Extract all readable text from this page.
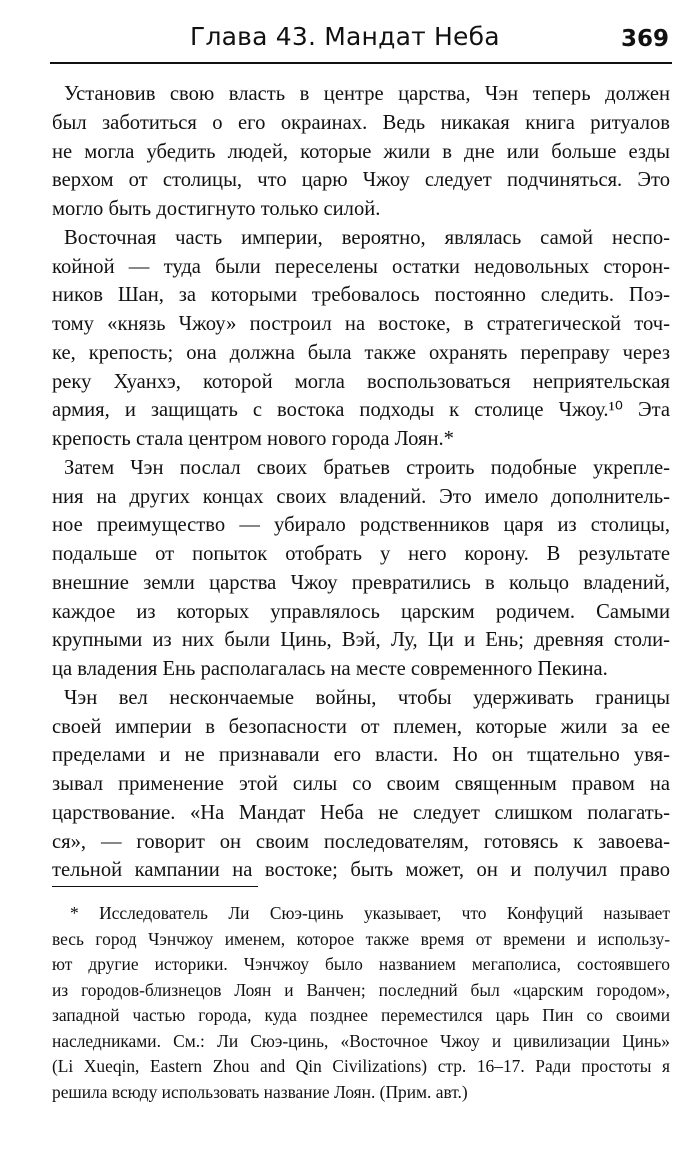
Глава 43. Мандат Неба	369
Установив свою власть в центре царства, Чэн теперь должен
был заботиться о его окраинах. Ведь никакая книга ритуалов
не могла убедить людей, которые жили в дне или больше езды
верхом от столицы, что царю Чжоу следует подчиняться. Это
могло быть достигнуто только силой.
Восточная часть империи, вероятно, являлась самой неспо-
койной — туда были переселены остатки недовольных сторон-
ников Шан, за которыми требовалось постоянно следить. Поэ-
тому «князь Чжоу» построил на востоке, в стратегической точ-
ке, крепость; она должна была также охранять переправу через
реку Хуанхэ, которой могла воспользоваться неприятельская
армия, и защищать с востока подходы к столице Чжоу.¹⁰ Эта
крепость стала центром нового города Лоян.*
Затем Чэн послал своих братьев строить подобные укрепле-
ния на других концах своих владений. Это имело дополнитель-
ное преимущество — убирало родственников царя из столицы,
подальше от попыток отобрать у него корону. В результате
внешние земли царства Чжоу превратились в кольцо владений,
каждое из которых управлялось царским родичем. Самыми
крупными из них были Цинь, Вэй, Лу, Ци и Ень; древняя столи-
ца владения Ень располагалась на месте современного Пекина.
Чэн вел нескончаемые войны, чтобы удерживать границы
своей империи в безопасности от племен, которые жили за ее
пределами и не признавали его власти. Но он тщательно увя-
зывал применение этой силы со своим священным правом на
царствование. «На Мандат Неба не следует слишком полагать-
ся», — говорит он своим последователям, готовясь к завоева-
тельной кампании на востоке; быть может, он и получил право
* Исследователь Ли Сюэ-цинь указывает, что Конфуций называет
весь город Чэнчжоу именем, которое также время от времени и использу-
ют другие историки. Чэнчжоу было названием мегаполиса, состоявшего
из городов-близнецов Лоян и Ванчен; последний был «царским городом»,
западной частью города, куда позднее переместился царь Пин со своими
наследниками. См.: Ли Сюэ-цинь, «Восточное Чжоу и цивилизации Цинь»
(Li Xueqin, Eastern Zhou and Qin Civilizations) стр. 16–17. Ради простоты я
решила всюду использовать название Лоян. (Прим. авт.)
